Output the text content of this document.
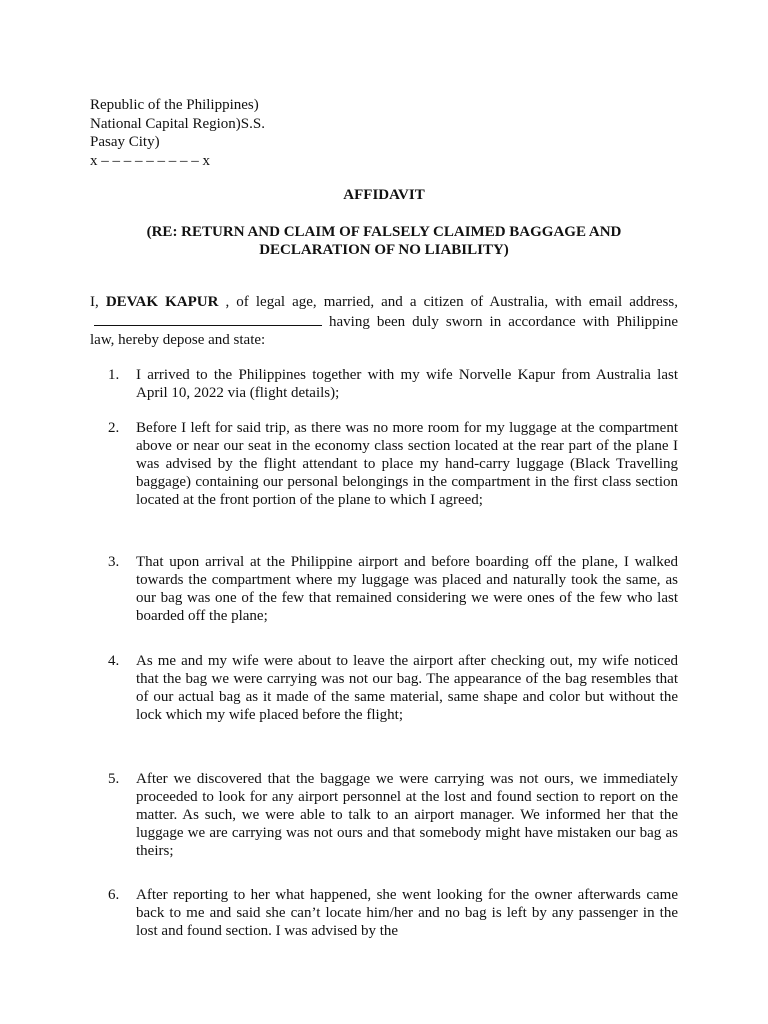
Republic of the Philippines)
National Capital Region)S.S.
Pasay City)
x – – – – – – – – – x
AFFIDAVIT
(RE: RETURN AND CLAIM OF FALSELY CLAIMED BAGGAGE AND DECLARATION OF NO LIABILITY)
I, DEVAK KAPUR , of legal age, married, and a citizen of Australia, with email address, having been duly sworn in accordance with Philippine law, hereby depose and state:
1.	I arrived to the Philippines together with my wife Norvelle Kapur from Australia last April 10, 2022 via (flight details);
2.	Before I left for said trip, as there was no more room for my luggage at the compartment above or near our seat in the economy class section located at the rear part of the plane I was advised by the flight attendant to place my hand-carry luggage (Black Travelling baggage) containing our personal belongings in the compartment in the first class section located at the front portion of the plane to which I agreed;
3.	That upon arrival at the Philippine airport and before boarding off the plane, I walked towards the compartment where my luggage was placed and naturally took the same, as our bag was one of the few that remained considering we were ones of the few who last boarded off the plane;
4.	As me and my wife were about to leave the airport after checking out, my wife noticed that the bag we were carrying was not our bag. The appearance of the bag resembles that of our actual bag as it made of the same material, same shape and color but without the lock which my wife placed before the flight;
5.	After we discovered that the baggage we were carrying was not ours, we immediately proceeded to look for any airport personnel at the lost and found section to report on the matter. As such, we were able to talk to an airport manager. We informed her that the luggage we are carrying was not ours and that somebody might have mistaken our bag as theirs;
6.	After reporting to her what happened, she went looking for the owner afterwards came back to me and said she can’t locate him/her and no bag is left by any passenger in the lost and found section. I was advised by the
